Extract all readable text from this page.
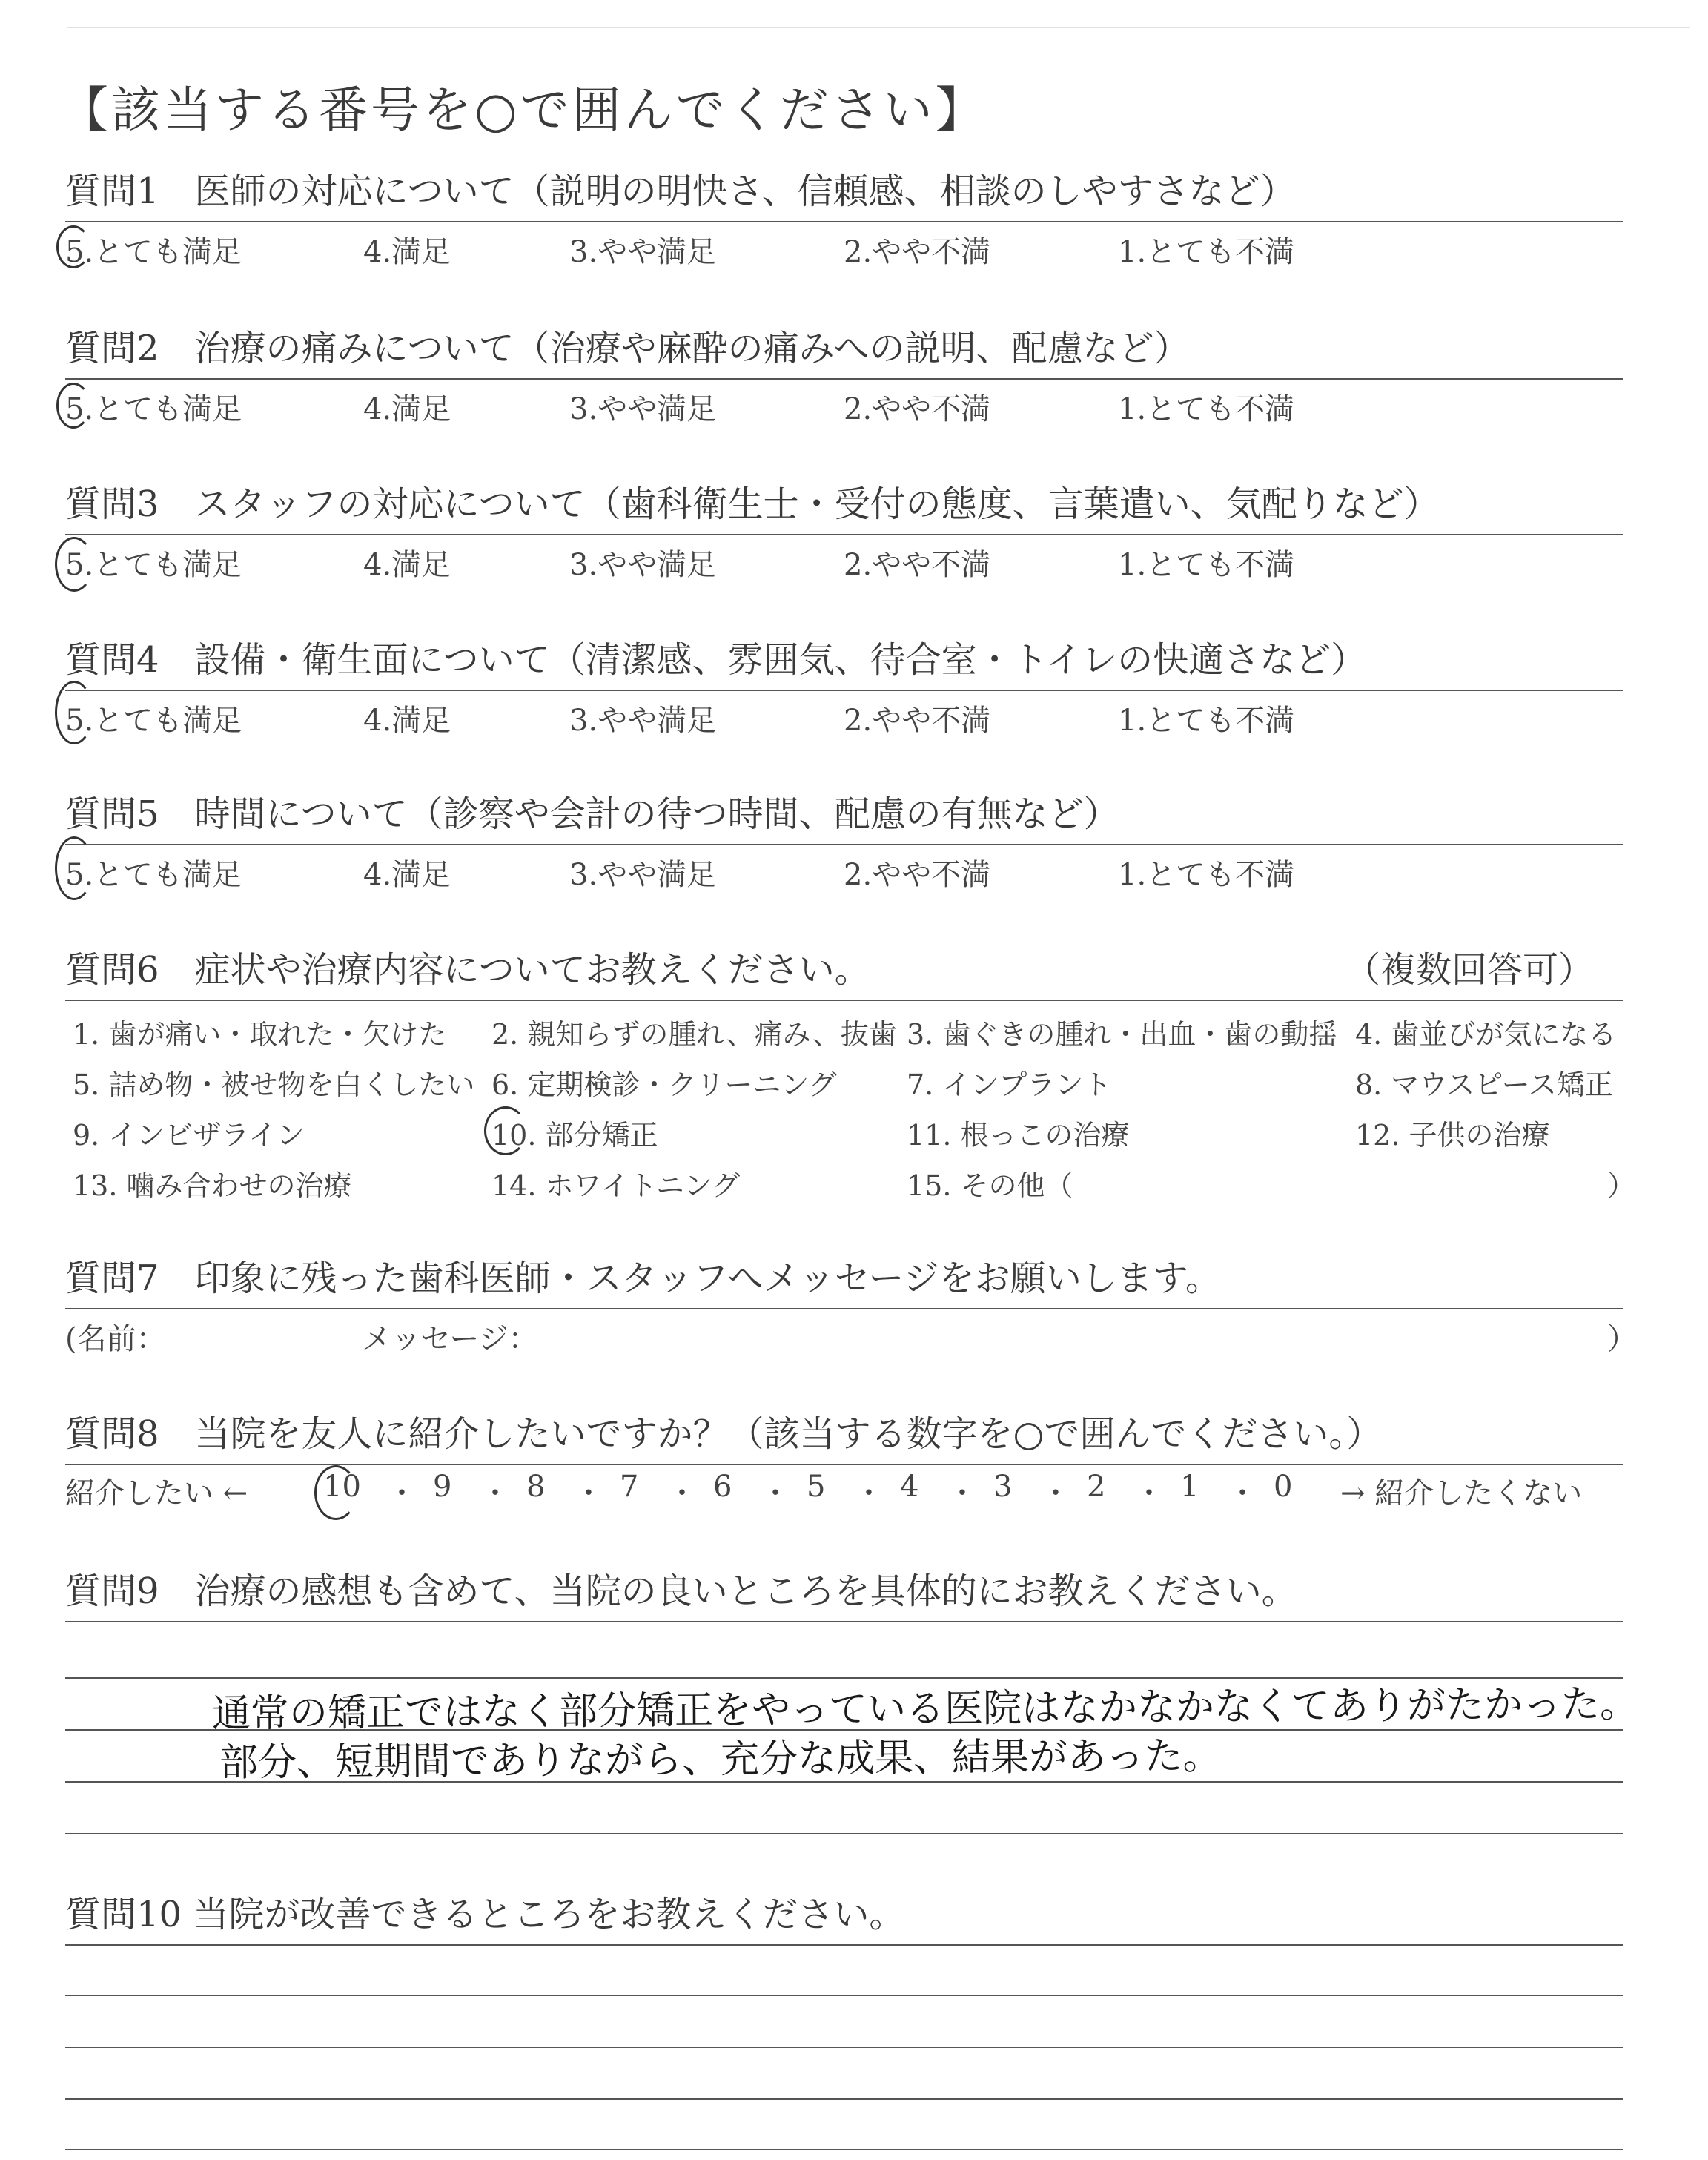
【該当する番号を○で囲んでください】
質問1　医師の対応について（説明の明快さ、信頼感、相談のしやすさなど）
5.とても満足	4.満足	3.やや満足	2.やや不満	1.とても不満
質問2　治療の痛みについて（治療や麻酔の痛みへの説明、配慮など）
5.とても満足	4.満足	3.やや満足	2.やや不満	1.とても不満
質問3　スタッフの対応について（歯科衛生士・受付の態度、言葉遣い、気配りなど）
5.とても満足	4.満足	3.やや満足	2.やや不満	1.とても不満
質問4　設備・衛生面について（清潔感、雰囲気、待合室・トイレの快適さなど）
5.とても満足	4.満足	3.やや満足	2.やや不満	1.とても不満
質問5　時間について（診察や会計の待つ時間、配慮の有無など）
5.とても満足	4.満足	3.やや満足	2.やや不満	1.とても不満
質問6　症状や治療内容についてお教えください。	（複数回答可）
1. 歯が痛い・取れた・欠けた 2. 親知らずの腫れ、痛み、抜歯 3. 歯ぐきの腫れ・出血・歯の動揺 4. 歯並びが気になる
5. 詰め物・被せ物を白くしたい 6. 定期検診・クリーニング 7. インプラント	8. マウスピース矯正
9. インビザライン	10. 部分矯正	11. 根っこの治療	12. 子供の治療
13. 噛み合わせの治療	14. ホワイトニング	15. その他（	）
質問7　印象に残った歯科医師・スタッフへメッセージをお願いします。
(名前：	メッセージ：	）
質問8　当院を友人に紹介したいですか？（該当する数字を○で囲んでください。）
紹介したい ←	10 ・ 9 ・ 8 ・ 7 ・ 6 ・ 5 ・ 4 ・ 3 ・ 2 ・ 1 ・ 0 → 紹介したくない
質問9　治療の感想も含めて、当院の良いところを具体的にお教えください。
通常の矯正ではなく部分矯正をやっている医院はなかなかなくてありがたかった。
部分、短期間でありながら、充分な成果、結果があった。
質問10 当院が改善できるところをお教えください。
